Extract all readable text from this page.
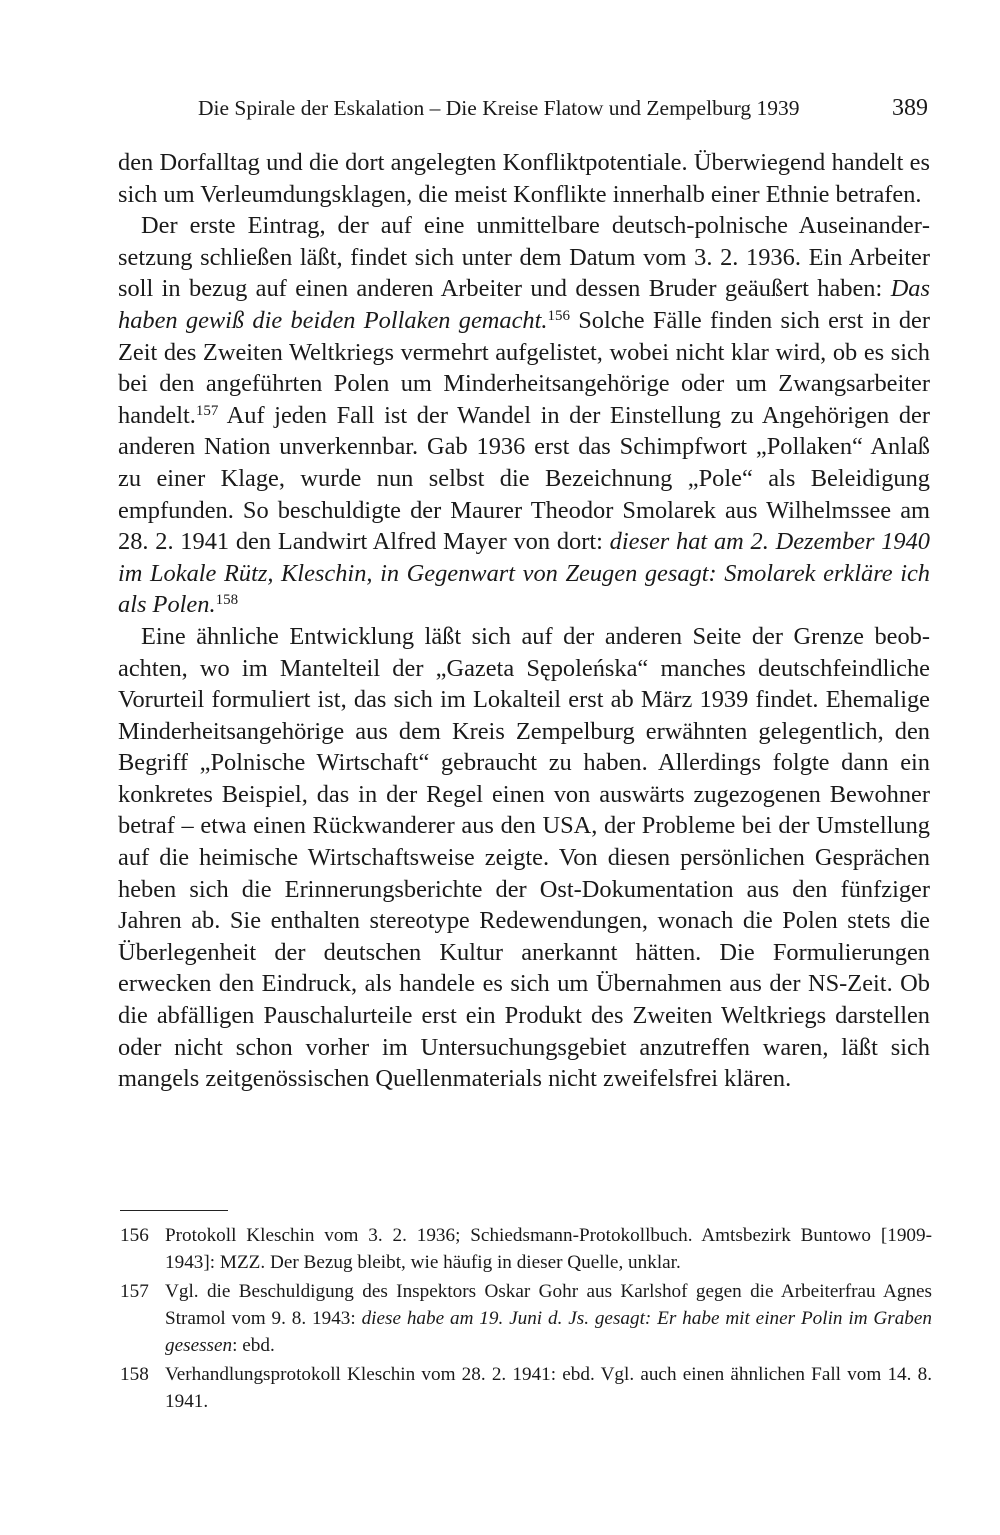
Die Spirale der Eskalation – Die Kreise Flatow und Zempelburg 1939	389

den Dorfalltag und die dort angelegten Konfliktpotentiale. Überwiegend handelt es sich um Verleumdungsklagen, die meist Konflikte innerhalb einer Ethnie betrafen.

Der erste Eintrag, der auf eine unmittelbare deutsch-polnische Auseinandersetzung schließen läßt, findet sich unter dem Datum vom 3. 2. 1936. Ein Arbeiter soll in bezug auf einen anderen Arbeiter und dessen Bruder geäußert haben: Das haben gewiß die beiden Pollaken gemacht.$^{156}$ Solche Fälle finden sich erst in der Zeit des Zweiten Weltkriegs vermehrt aufgelistet, wobei nicht klar wird, ob es sich bei den angeführten Polen um Minderheitsangehörige oder um Zwangsarbeiter handelt.$^{157}$ Auf jeden Fall ist der Wandel in der Einstellung zu Angehörigen der anderen Nation unverkennbar. Gab 1936 erst das Schimpfwort „Pollaken“ Anlaß zu einer Klage, wurde nun selbst die Bezeichnung „Pole“ als Beleidigung empfunden. So beschuldigte der Maurer Theodor Smolarek aus Wilhelmssee am 28. 2. 1941 den Landwirt Alfred Mayer von dort: dieser hat am 2. Dezember 1940 im Lokale Rütz, Kleschin, in Gegenwart von Zeugen gesagt: Smolarek erkläre ich als Polen.$^{158}$

Eine ähnliche Entwicklung läßt sich auf der anderen Seite der Grenze beobachten, wo im Mantelteil der „Gazeta Sępoleńska“ manches deutschfeindliche Vorurteil formuliert ist, das sich im Lokalteil erst ab März 1939 findet. Ehemalige Minderheitsangehörige aus dem Kreis Zempelburg erwähnten gelegentlich, den Begriff „Polnische Wirtschaft“ gebraucht zu haben. Allerdings folgte dann ein konkretes Beispiel, das in der Regel einen von auswärts zugezogenen Bewohner betraf – etwa einen Rückwanderer aus den USA, der Probleme bei der Umstellung auf die heimische Wirtschaftsweise zeigte. Von diesen persönlichen Gesprächen heben sich die Erinnerungsberichte der Ost-Dokumentation aus den fünfziger Jahren ab. Sie enthalten stereotype Redewendungen, wonach die Polen stets die Überlegenheit der deutschen Kultur anerkannt hätten. Die Formulierungen erwecken den Eindruck, als handele es sich um Übernahmen aus der NS-Zeit. Ob die abfälligen Pauschalurteile erst ein Produkt des Zweiten Weltkriegs darstellen oder nicht schon vorher im Untersuchungsgebiet anzutreffen waren, läßt sich mangels zeitgenössischen Quellenmaterials nicht zweifelsfrei klären.

156 Protokoll Kleschin vom 3. 2. 1936; Schiedsmann-Protokollbuch. Amtsbezirk Buntowo [1909-1943]: MZZ. Der Bezug bleibt, wie häufig in dieser Quelle, unklar.
157 Vgl. die Beschuldigung des Inspektors Oskar Gohr aus Karlshof gegen die Arbeiterfrau Agnes Stramol vom 9. 8. 1943: diese habe am 19. Juni d. Js. gesagt: Er habe mit einer Polin im Graben gesessen: ebd.
158 Verhandlungsprotokoll Kleschin vom 28. 2. 1941: ebd. Vgl. auch einen ähnlichen Fall vom 14. 8. 1941.
